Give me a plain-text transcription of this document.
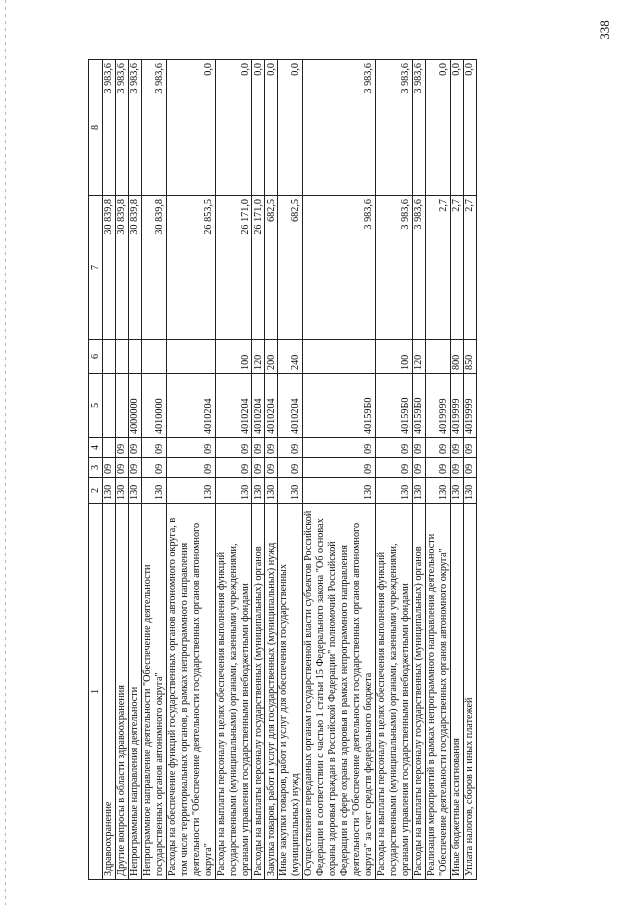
338
1	2	3	4	5	6	7	8
Здравоохранение	130	09				30 839,8	3 983,6
Другие вопросы в области здравоохранения	130	09	09			30 839,8	3 983,6
Непрограммные направления деятельности	130	09	09	4000000		30 839,8	3 983,6
Непрограммное направление деятельности "Обеспечение деятельности государственных органов автономного округа"	130	09	09	4010000		30 839,8	3 983,6
Расходы на обеспечение функций государственных органов автономного округа, в том числе территориальных органов, в рамках непрограммного направления деятельности "Обеспечение деятельности государственных органов автономного округа"	130	09	09	4010204		26 853,5	0,0
Расходы на выплаты персоналу в целях обеспечения выполнения функций государственными (муниципальными) органами, казенными учреждениями, органами управления государственными внебюджетными фондами	130	09	09	4010204	100	26 171,0	0,0
Расходы на выплаты персоналу государственных (муниципальных) органов	130	09	09	4010204	120	26 171,0	0,0
Закупка товаров, работ и услуг для государственных (муниципальных) нужд	130	09	09	4010204	200	682,5	0,0
Иные закупки товаров, работ и услуг для обеспечения государственных (муниципальных) нужд	130	09	09	4010204	240	682,5	0,0
Осуществление переданных органам государственной власти субъектов Российской Федерации в соответствии с частью 1 статьи 15 Федерального закона "Об основах охраны здоровья граждан в Российской Федерации" полномочий Российской Федерации в сфере охраны здоровья в рамках непрограммного направления деятельности "Обеспечение деятельности государственных органов автономного округа" за счет средств федерального бюджета	130	09	09	40159Б0		3 983,6	3 983,6
Расходы на выплаты персоналу в целях обеспечения выполнения функций государственными (муниципальными) органами, казенными учреждениями, органами управления государственными внебюджетными фондами	130	09	09	40159Б0	100	3 983,6	3 983,6
Расходы на выплаты персоналу государственных (муниципальных) органов	130	09	09	40159Б0	120	3 983,6	3 983,6
Реализация мероприятий в рамках непрограммного направления деятельности "Обеспечение деятельности государственных органов автономного округа"	130	09	09	4019999		2,7	0,0
Иные бюджетные ассигнования	130	09	09	4019999	800	2,7	0,0
Уплата налогов, сборов и иных платежей	130	09	09	4019999	850	2,7	0,0
